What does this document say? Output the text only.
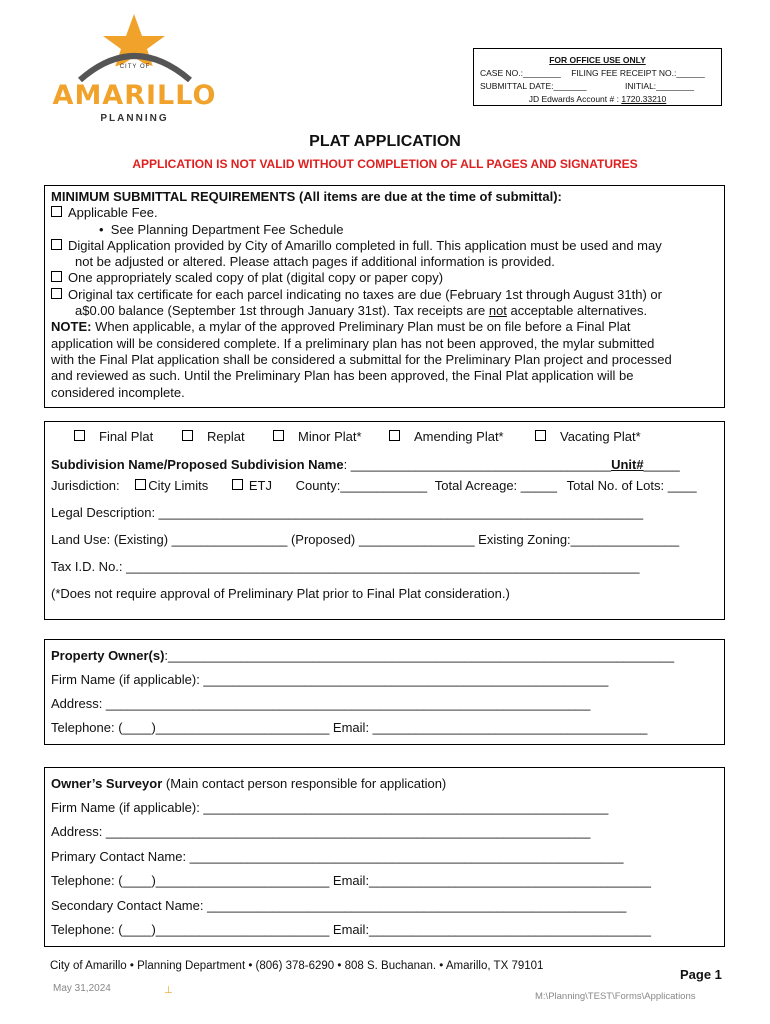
CITY OF
AMARILLO
PLANNING
FOR OFFICE USE ONLY
CASE NO.:________ FILING FEE RECEIPT NO.:______
SUBMITTAL DATE:_______	INITIAL:________
JD Edwards Account # : 1720.33210
PLAT APPLICATION
APPLICATION IS NOT VALID WITHOUT COMPLETION OF ALL PAGES AND SIGNATURES
MINIMUM SUBMITTAL REQUIREMENTS (All items are due at the time of submittal):
Applicable Fee.
•  See Planning Department Fee Schedule
Digital Application provided by City of Amarillo completed in full. This application must be used and may
not be adjusted or altered. Please attach pages if additional information is provided.
One appropriately scaled copy of plat (digital copy or paper copy)
Original tax certificate for each parcel indicating no taxes are due (February 1st through August 31th) or
a$0.00 balance (September 1st through January 31st). Tax receipts are not acceptable alternatives.
NOTE: When applicable, a mylar of the approved Preliminary Plan must be on file before a Final Plat
application will be considered complete. If a preliminary plan has not been approved, the mylar submitted
with the Final Plat application shall be considered a submittal for the Preliminary Plan project and processed
and reviewed as such. Until the Preliminary Plan has been approved, the Final Plat application will be
considered incomplete.
Final Plat	Replat	Minor Plat*	Amending Plat*	Vacating Plat*
Subdivision Name/Proposed Subdivision Name: ____________________________________Unit#_____
Jurisdiction: City Limits	ETJ County:____________ Total Acreage: _____ Total No. of Lots: ____
Legal Description: ___________________________________________________________________
Land Use: (Existing) ________________ (Proposed) ________________ Existing Zoning:_______________
Tax I.D. No.: _______________________________________________________________________
(*Does not require approval of Preliminary Plat prior to Final Plat consideration.)
Property Owner(s):______________________________________________________________________
Firm Name (if applicable): ________________________________________________________
Address: ___________________________________________________________________
Telephone: (____)________________________ Email: ______________________________________
Owner’s Surveyor (Main contact person responsible for application)
Firm Name (if applicable): ________________________________________________________
Address: ___________________________________________________________________
Primary Contact Name: ____________________________________________________________
Telephone: (____)________________________ Email:_______________________________________
Secondary Contact Name: __________________________________________________________
Telephone: (____)________________________ Email:_______________________________________
City of Amarillo • Planning Department • (806) 378-6290 • 808 S. Buchanan. • Amarillo, TX 79101
Page 1
May 31,2024	⊥
M:\Planning\TEST\Forms\Applications
